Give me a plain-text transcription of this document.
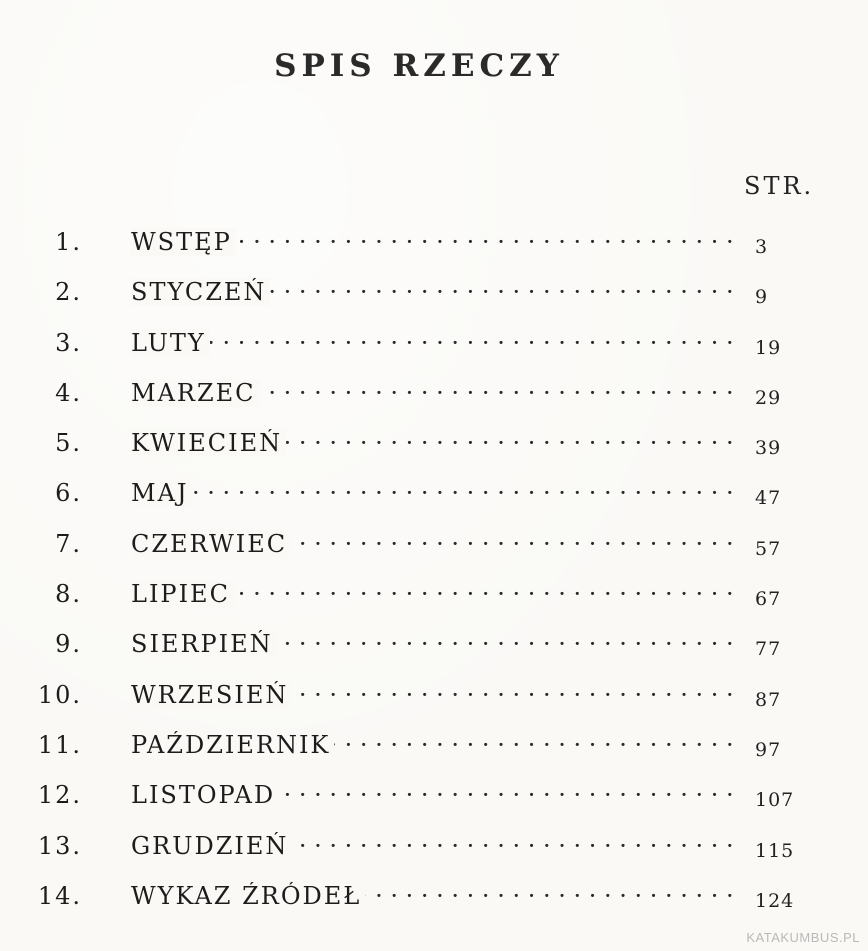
SPIS RZECZY
STR.
1. WSTĘP · · ·	3
2. STYCZEŃ · · ·	9
3. LUTY · · ·	19
4. MARZEC · · ·	29
5. KWIECIEŃ · · ·	39
6. MAJ · · ·	47
7. CZERWIEC · · ·	57
8. LIPIEC · · ·	67
9. SIERPIEŃ · · ·	77
10. WRZESIEŃ · · ·	87
11. PAŹDZIERNIK · · ·	97
12. LISTOPAD · · ·	107
13. GRUDZIEŃ · · ·	115
14. WYKAZ ŹRÓDEŁ · · ·	124
KATAKUMBUS.PL
